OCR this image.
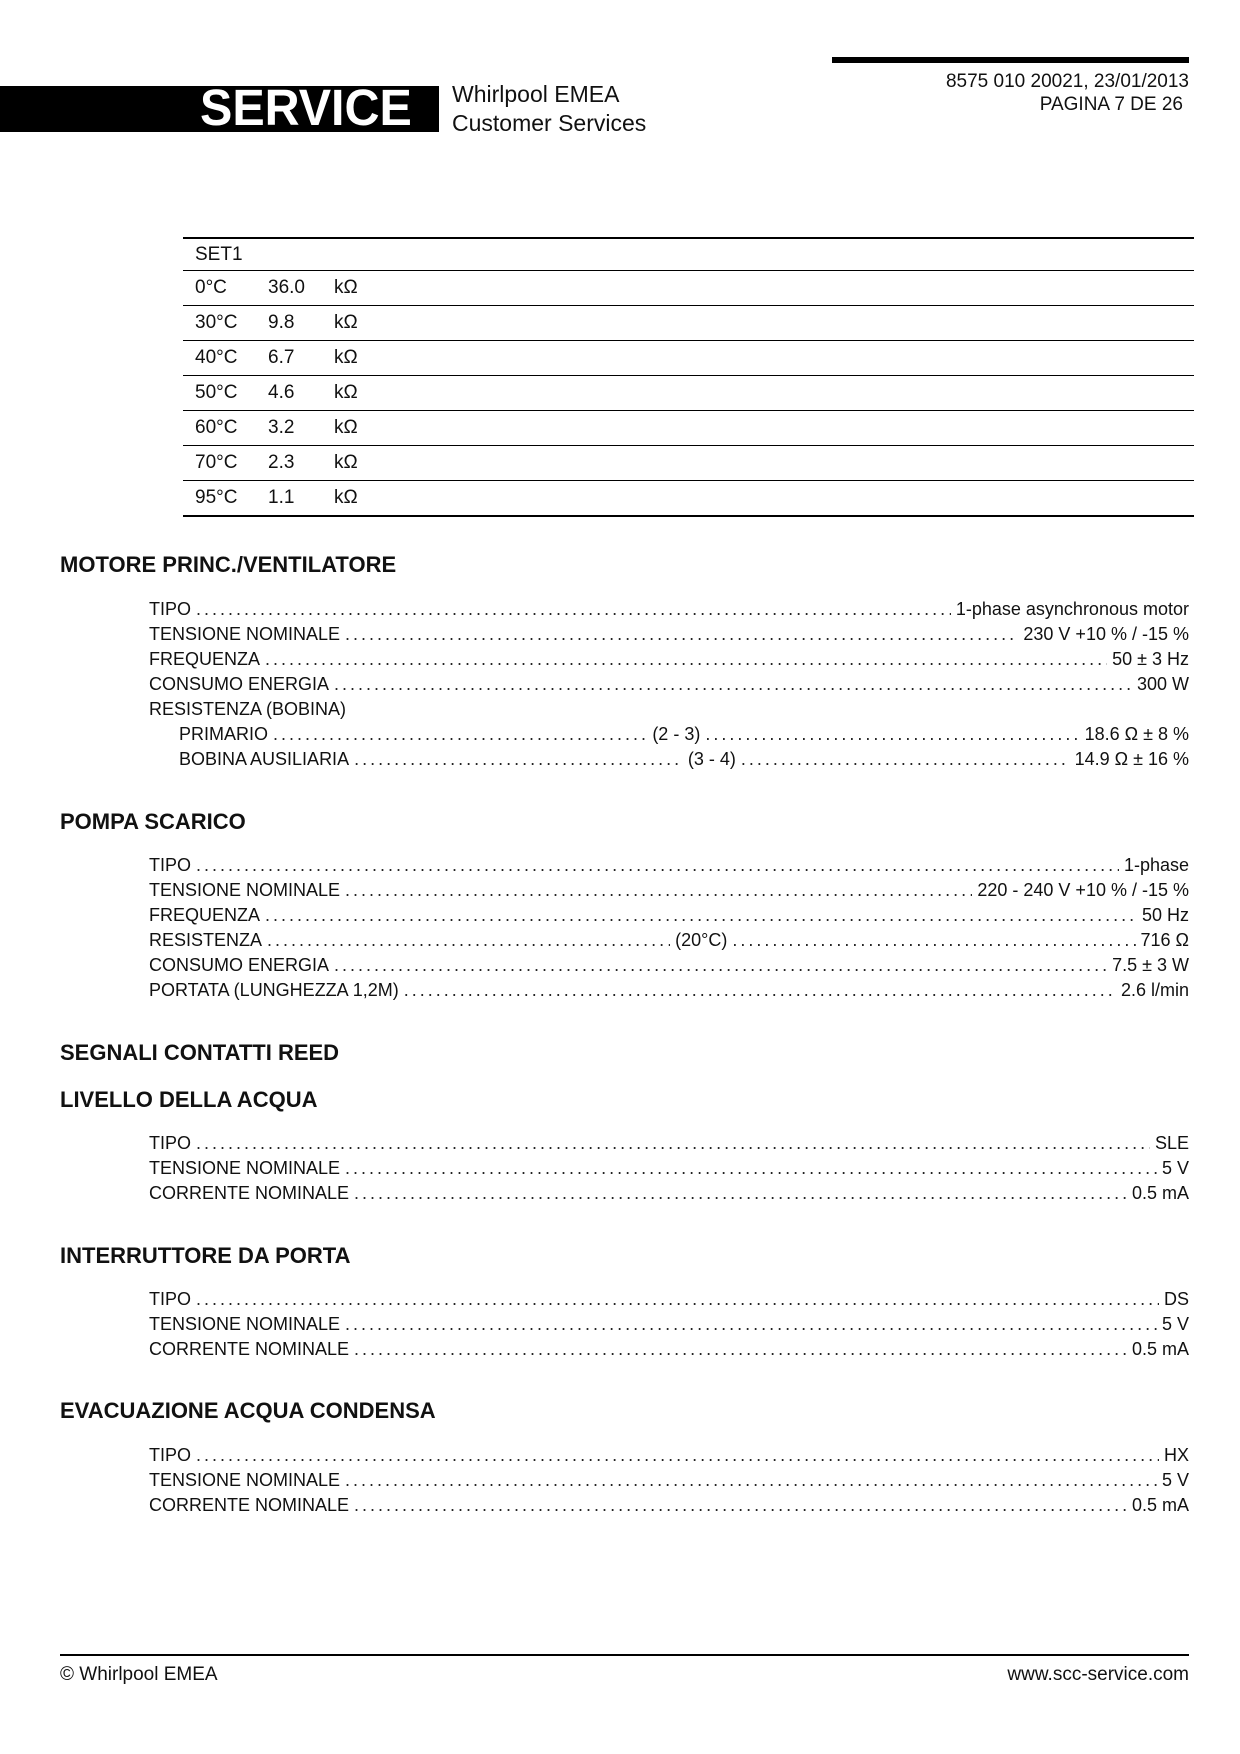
SERVICE Whirlpool EMEA
Customer Services
8575 010 20021, 23/01/2013
PAGINA 7 DE 26
SET1		
0°C	36.0	kΩ
30°C	9.8	kΩ
40°C	6.7	kΩ
50°C	4.6	kΩ
60°C	3.2	kΩ
70°C	2.3	kΩ
95°C	1.1	kΩ
MOTORE PRINC./VENTILATORE
TIPO .....	1-phase asynchronous motor
TENSIONE NOMINALE .....	230 V +10 % / -15 %
FREQUENZA .....	50 ± 3 Hz
CONSUMO ENERGIA .....	300 W
RESISTENZA (BOBINA)
PRIMARIO .....	(2 - 3) .....	18.6 Ω ± 8 %
BOBINA AUSILIARIA .....	(3 - 4) .....	14.9 Ω ± 16 %
POMPA SCARICO
TIPO .....	1-phase
TENSIONE NOMINALE .....	220 - 240 V +10 % / -15 %
FREQUENZA .....	50 Hz
RESISTENZA .....	(20°C) .....	716 Ω
CONSUMO ENERGIA .....	7.5 ± 3 W
PORTATA (LUNGHEZZA 1,2M) .....	2.6 l/min
SEGNALI CONTATTI REED
LIVELLO DELLA ACQUA
TIPO .....	SLE
TENSIONE NOMINALE .....	5 V
CORRENTE NOMINALE .....	0.5 mA
INTERRUTTORE DA PORTA
TIPO .....	DS
TENSIONE NOMINALE .....	5 V
CORRENTE NOMINALE .....	0.5 mA
EVACUAZIONE ACQUA CONDENSA
TIPO .....	HX
TENSIONE NOMINALE .....	5 V
CORRENTE NOMINALE .....	0.5 mA
© Whirlpool EMEA	www.scc-service.com
